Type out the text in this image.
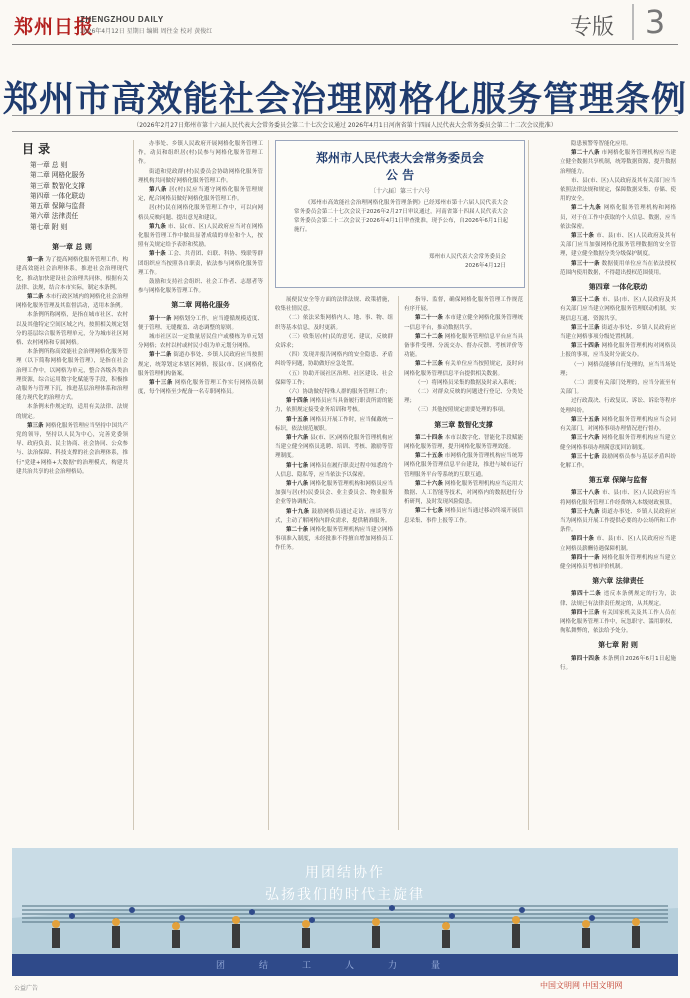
郑州日报
ZHENGZHOU DAILY
2026年4月12日 星期日 编辑 周往金 校对 黄俊红	专版 3
郑州市高效能社会治理网格化服务管理条例
（2026年2月27日郑州市第十六届人民代表大会常务委员会第二十七次会议通过 2026年4月1日河南省第十四届人民代表大会常务委员会第二十二次会议批准）
目 录
第一章 总 则
第二章 网格化服务
第三章 数智化支撑
第四章 一体化联动
第五章 保障与监督
第六章 法律责任
第七章 附 则
第一章 总 则

第一条 为了提高网格化服务管理工作，构建高效能社会治理体系，推进社会治理现代化，推动加快建设社会治理共同体，根据有关法律、法规，结合本市实际，制定本条例。

第二条 本市行政区域内的网格化社会治理网格化服务管理及其监督活动，适用本条例。

本条例所称网格，是指在城市社区、农村以及其他特定空间区域之内，按照相关规定划分的基层综合服务管理单元，分为城市社区网格、农村网格和专属网格。

本条例所称高效能社会治理网格化服务管理（以下简称网格化服务管理），是指在社会治理工作中，以网格为单元，整合各级各类治理资源，综合运用数字化赋能等手段，积极推动服务与管理下沉，推进基层治理体系和治理能力现代化的治理方式。

本条例未作规定的，适用有关法律、法规的规定。

第三条 网格化服务管理应当坚持中国共产党的领导，坚持以人民为中心，完善党委领导、政府负责、民主协商、社会协同、公众参与、法治保障、科技支撑的社会治理体系，推行"党建+网格+大数据"的治理模式，构建共建共治共享的社会治理格局。

办事处、乡镇人民政府开展网格化服务管理工作，动员和组织居(村)民参与网格化服务管理工作。

街道和党政群(村)民委员会协助网格化服务管理机构共同做好网格化服务管理工作。

第八条 居(村)民应当遵守网格化服务管理规定，配合网格员做好网格化服务管理工作。

居(村)民在网格化服务管理工作中，可以向网格员反映问题、提出意见和建议。

第九条 市、县(市、区)人民政府应当对在网格化服务管理工作中做出显著成绩的单位和个人，按照有关规定给予表彰和奖励。

第十条 工会、共青团、妇联、科协、残联等群团组织应当按照各自职责，依法参与网格化服务管理工作。

鼓励和支持社会组织、社会工作者、志愿者等参与网格化服务管理工作。

第二章 网格化服务

第十一条 网格划分工作，应当遵循规模适度、便于管理、无缝覆盖、动态调整的原则。

城市社区以一定数量居民住户或楼栋为单元划分网格；农村以村或村民小组为单元划分网格。

第十二条 街道办事处、乡镇人民政府应当按照规定，统筹划定本辖区网格，报县(市、区)网格化服务管理机构备案。

第十三条 网格化服务管理工作实行网格员制度，每个网格至少配备一名专职网格员。

郑州市人民代表大会常务委员会
公 告
〔十六届〕第三十六号
《郑州市高效能社会治理网格化服务管理条例》已经郑州市第十六届人民代表大会常务委员会第二十七次会议于2026年2月27日审议通过，河南省第十四届人民代表大会常务委员会第二十二次会议于2026年4月1日审查批准，现予公布，自2026年6月1日起施行。
郑州市人民代表大会常务委员会
2026年4月12日

展便民安全等方面的法律法规、政策措施，收集社情民意。

（二）依法采集网格内人、地、事、物、组织等基本信息，及时更新。

（三）收集居(村)民的意见、建议，反映群众诉求；

（四）发现并报告网格内的安全隐患、矛盾纠纷等问题，协助做好应急处置。

（五）协助开展社区治理、社区建设、社会保障等工作；

（六）协助做好特殊人群的服务管理工作；

第十四条 网格员应当具备履行职责所需的能力，依照规定接受业务培训和考核。

第十五条 网格员开展工作时，应当佩戴统一标识，依法规范履职。

第十六条 县(市、区)网格化服务管理机构应当建立健全网格员选聘、培训、考核、激励等管理制度。

第十七条 网格员在履行职责过程中知悉的个人信息、隐私等，应当依法予以保密。

第十八条 网格化服务管理机构和网格员应当加强与居(村)民委员会、业主委员会、物业服务企业等协调配合。

第十九条 鼓励网格员通过走访、座谈等方式，主动了解网格内群众需求，提供精准服务。

第二十条 网格化服务管理机构应当建立网格事项准入制度，未经批准不得擅自增加网格员工作任务。

指导、监督，确保网格化服务管理工作规范有序开展。

第二十一条 本市建立健全网格化服务管理统一信息平台，推动数据共享。

第二十二条 网格化服务管理信息平台应当具备事件受理、分流交办、督办反馈、考核评价等功能。

第二十三条 有关单位应当按照规定，及时向网格化服务管理信息平台提供相关数据。

（一）将网格员采集的数据及时录入系统；

（二）对群众反映的问题进行登记、分类处理；

（三）其他按照规定需要处理的事项。

第三章 数智化支撑

第二十四条 本市以数字化、智能化手段赋能网格化服务管理，提升网格化服务管理效能。

第二十五条 市网格化服务管理机构应当统筹网格化服务管理信息平台建设，推进与城市运行管理服务平台等系统的互联互通。

第二十六条 网格化服务管理机构应当运用大数据、人工智能等技术，对网格内的数据进行分析研判，及时发现风险隐患。

第二十七条 网格员应当通过移动终端开展信息采集、事件上报等工作。

隐患预警等智能化应用。

第二十八条 市网格化服务管理机构应当建立健全数据共享机制，统筹数据资源，提升数据治理能力。

市、县(市、区)人民政府及其有关部门应当依照法律法规和规定，保障数据采集、存储、使用的安全。

第二十九条 网格化服务管理机构和网格员，对于在工作中获取的个人信息、数据，应当依法保密。

第三十条 市、县(市、区)人民政府及其有关部门应当加强网格化服务管理数据的安全管理，建立健全数据分类分级保护制度。

第三十一条 数据使用单位应当在依法授权范围内使用数据，不得超出授权范围使用。

第四章 一体化联动

第三十二条 市、县(市、区)人民政府及其有关部门应当建立网格化服务管理联动机制，实现信息互通、资源共享。

第三十三条 街道办事处、乡镇人民政府应当建立网格事项分级处置机制。

第三十四条 网格化服务管理机构对网格员上报的事项，应当及时分流交办。

（一）网格员能够自行处理的，应当当场处理；

（二）需要有关部门处理的，应当分流至有关部门。

过行政裁决、行政复议、诉讼、诉讼等程序处理纠纷。

第三十五条 网格化服务管理机构应当会同有关部门，对网格事项办理情况进行督办。

第三十六条 网格化服务管理机构应当建立健全网格事项办理满意度回访制度。

第三十七条 鼓励网格员参与基层矛盾纠纷化解工作。

第五章 保障与监督

第三十八条 市、县(市、区)人民政府应当将网格化服务管理工作经费纳入本级财政预算。

第三十九条 街道办事处、乡镇人民政府应当为网格员开展工作提供必要的办公场所和工作条件。

第四十条 市、县(市、区)人民政府应当建立网格员薪酬待遇保障机制。

第四十一条 网格化服务管理机构应当建立健全网格员考核评价机制。

第六章 法律责任

第四十二条 违反本条例规定的行为，法律、法规已有法律责任规定的，从其规定。

第四十三条 有关国家机关及其工作人员在网格化服务管理工作中，玩忽职守、滥用职权、徇私舞弊的，依法给予处分。

第七章 附 则

第四十四条 本条例自2026年6月1日起施行。

用团结协作
弘扬我们的时代主旋律
团结工人力量
公益广告	中国文明网 中国文明网
